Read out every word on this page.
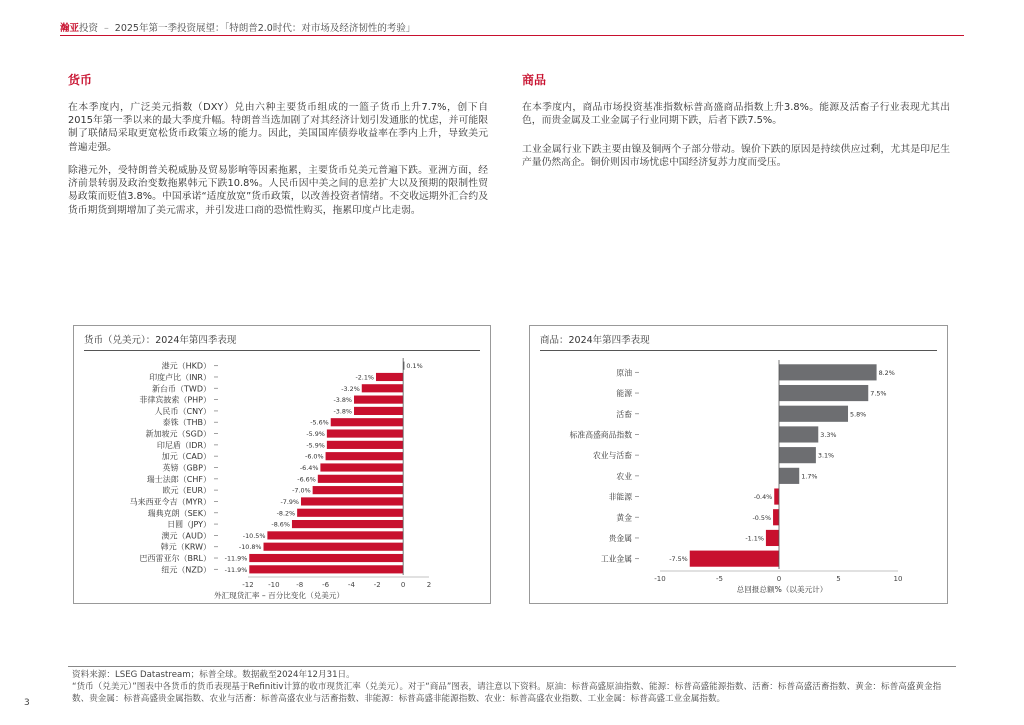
瀚亚投资 – 2025年第一季投资展望：「特朗普2.0时代：对市场及经济韧性的考验」
货币
在本季度内，广泛美元指数（DXY）兑由六种主要货币组成的一篮子货币上升7.7%，创下自 2015年第一季以来的最大季度升幅。特朗普当选加剧了对其经济计划引发通胀的忧虑，并可能限制了联储局采取更宽松货币政策立场的能力。因此，美国国库债券收益率在季内上升，导致美元普遍走强。
除港元外，受特朗普关税威胁及贸易影响等因素拖累，主要货币兑美元普遍下跌。亚洲方面，经济前景转弱及政治变数拖累韩元下跌10.8%。人民币因中美之间的息差扩大以及预期的限制性贸易政策而贬值3.8%。中国承诺“适度放宽”货币政策，以改善投资者情绪。不交收远期外汇合约及货币期货到期增加了美元需求，并引发进口商的恐慌性购买，拖累印度卢比走弱。
商品
在本季度内，商品市场投资基准指数标普高盛商品指数上升3.8%。能源及活畜子行业表现尤其出色，而贵金属及工业金属子行业同期下跌，后者下跌7.5%。
工业金属行业下跌主要由镍及铜两个子部分带动。镍价下跌的原因是持续供应过剩，尤其是印尼生产量仍然高企。铜价则因市场忧虑中国经济复苏力度而受压。
货币（兑美元）：2024年第四季表现
港元（HKD）	0.1%
印度卢比（INR）	-2.1%
新台币（TWD）	-3.2%
菲律宾披索（PHP）	-3.8%
人民币（CNY）	-3.8%
泰铢（THB）	-5.6%
新加坡元（SGD）	-5.9%
印尼盾（IDR）	-5.9%
加元（CAD）	-6.0%
英镑（GBP）	-6.4%
瑞士法郎（CHF）	-6.6%
欧元（EUR）	-7.0%
马来西亚令吉（MYR）	-7.9%
瑞典克朗（SEK）	-8.2%
日圆（JPY）	-8.6%
澳元（AUD）	-10.5%
韩元（KRW）	-10.8%
巴西雷亚尔（BRL） -11.9%
纽元（NZD） -11.9%
-12 -10 -8	-6	-4	-2	0	2
外汇现货汇率 – 百分比变化（兑美元）
商品：2024年第四季表现
原油	8.2%
能源	7.5%
活畜	5.8%
标准高盛商品指数	3.3%
农业与活畜	3.1%
农业	1.7%
非能源	-0.4%
黄金	-0.5%
贵金属	-1.1%
工业金属	-7.5%
-10	-5	0	5	10
总回报总额%（以美元计）
资料来源：LSEG Datastream；标普全球。数据截至2024年12月31日。
“货币（兑美元）”图表中各货币的货币表现基于Refinitiv计算的收市现货汇率（兑美元）。对于“商品”图表，请注意以下资料。原油：标普高盛原油指数、能源：标普高盛能源指数、活畜：标普高盛活畜指数、黄金：标普高盛黄金指数、贵金属：标普高盛贵金属指数、农业与活畜：标普高盛农业与活畜指数、非能源：标普高盛非能源指数、农业：标普高盛农业指数、工业金属：标普高盛工业金属指数。
3
